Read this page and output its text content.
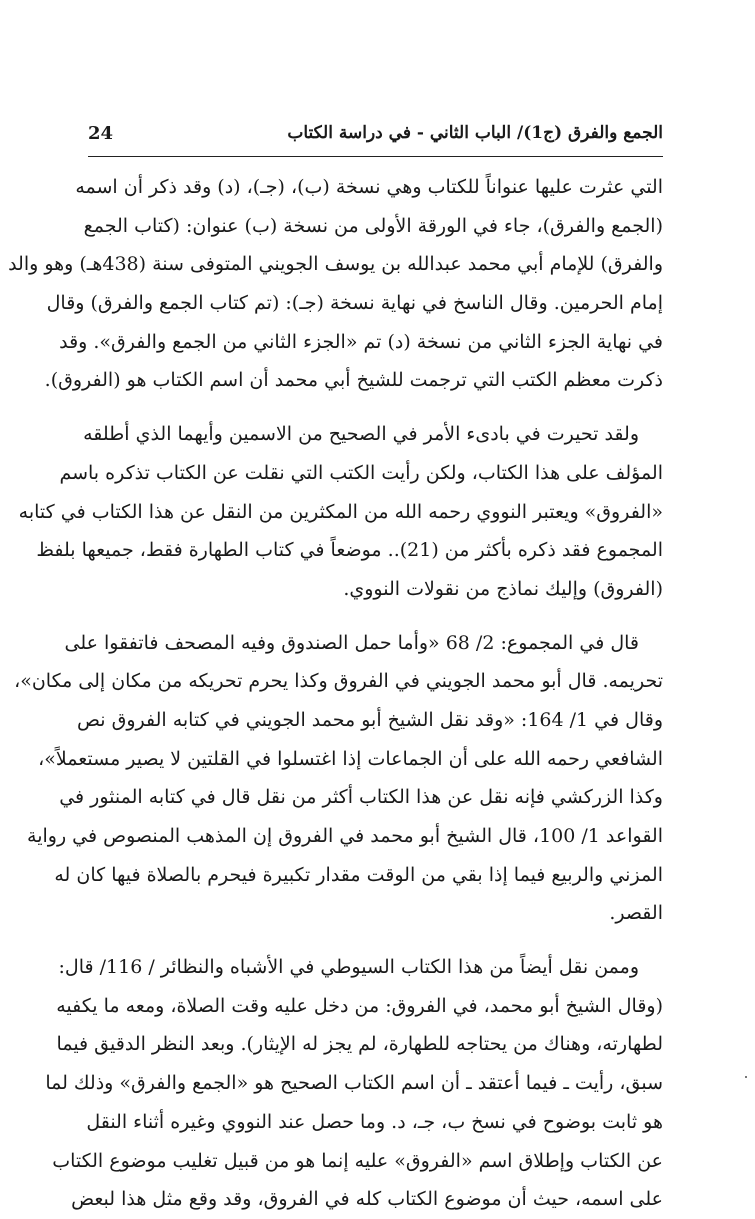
الجمع والفرق (ج1)/ الباب الثاني - في دراسة الكتاب
24
التي عثرت عليها عنواناً للكتاب وهي نسخة (ب)، (جـ)، (د) وقد ذكر أن اسمه
(الجمع والفرق)، جاء في الورقة الأولى من نسخة (ب) عنوان: (كتاب الجمع
والفرق) للإمام أبي محمد عبدالله بن يوسف الجويني المتوفى سنة (438هـ) وهو والد
إمام الحرمين. وقال الناسخ في نهاية نسخة (جـ): (تم كتاب الجمع والفرق) وقال
في نهاية الجزء الثاني من نسخة (د) تم «الجزء الثاني من الجمع والفرق». وقد
ذكرت معظم الكتب التي ترجمت للشيخ أبي محمد أن اسم الكتاب هو (الفروق).
ولقد تحيرت في بادىء الأمر في الصحيح من الاسمين وأيهما الذي أطلقه
المؤلف على هذا الكتاب، ولكن رأيت الكتب التي نقلت عن الكتاب تذكره باسم
«الفروق» ويعتبر النووي رحمه الله من المكثرين من النقل عن هذا الكتاب في كتابه
المجموع فقد ذكره بأكثر من (21).. موضعاً في كتاب الطهارة فقط، جميعها بلفظ
(الفروق) وإليك نماذج من نقولات النووي.
قال في المجموع: 2/ 68 «وأما حمل الصندوق وفيه المصحف فاتفقوا على
تحريمه. قال أبو محمد الجويني في الفروق وكذا يحرم تحريكه من مكان إلى مكان»،
وقال في 1/ 164: «وقد نقل الشيخ أبو محمد الجويني في كتابه الفروق نص
الشافعي رحمه الله على أن الجماعات إذا اغتسلوا في القلتين لا يصير مستعملاً»،
وكذا الزركشي فإنه نقل عن هذا الكتاب أكثر من نقل قال في كتابه المنثور في
القواعد 1/ 100، قال الشيخ أبو محمد في الفروق إن المذهب المنصوص في رواية
المزني والربيع فيما إذا بقي من الوقت مقدار تكبيرة فيحرم بالصلاة فيها كان له
القصر.
وممن نقل أيضاً من هذا الكتاب السيوطي في الأشباه والنظائر / 116/ قال:
(وقال الشيخ أبو محمد، في الفروق: من دخل عليه وقت الصلاة، ومعه ما يكفيه
لطهارته، وهناك من يحتاجه للطهارة، لم يجز له الإيثار). وبعد النظر الدقيق فيما
سبق، رأيت ـ فيما أعتقد ـ أن اسم الكتاب الصحيح هو «الجمع والفرق» وذلك لما
هو ثابت بوضوح في نسخ ب، جـ، د. وما حصل عند النووي وغيره أثناء النقل
عن الكتاب وإطلاق اسم «الفروق» عليه إنما هو من قبيل تغليب موضوع الكتاب
على اسمه، حيث أن موضوع الكتاب كله في الفروق، وقد وقع مثل هذا لبعض
